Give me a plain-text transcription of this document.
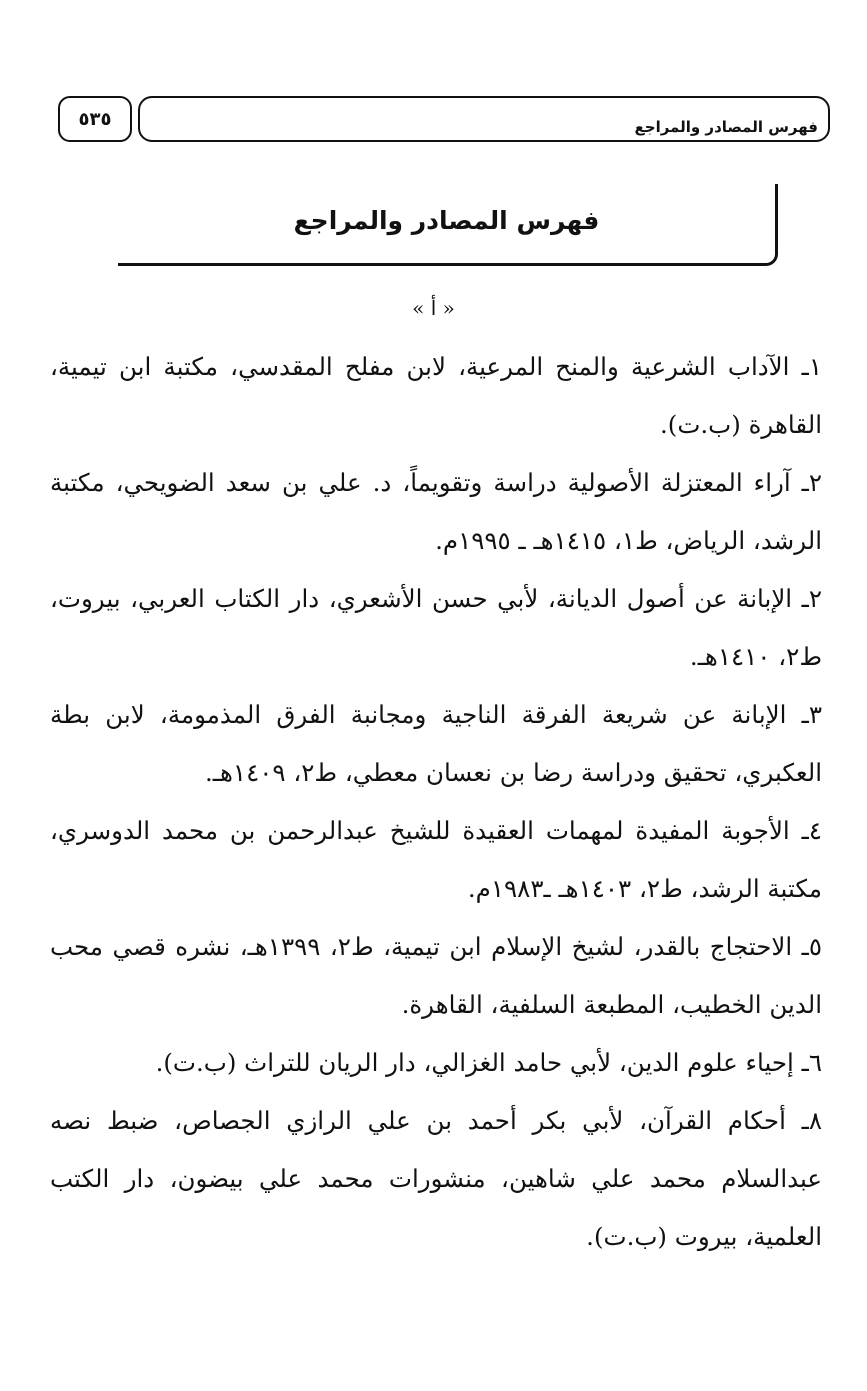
٥٣٥	فهرس المصادر والمراجع
فهرس المصادر والمراجع
« أ »
١ـ الآداب الشرعية والمنح المرعية، لابن مفلح المقدسي، مكتبة ابن تيمية، القاهرة (ب.ت).
٢ـ آراء المعتزلة الأصولية دراسة وتقويماً، د. علي بن سعد الضويحي، مكتبة الرشد، الرياض، ط١، ١٤١٥هـ ـ ١٩٩٥م.
٢ـ الإبانة عن أصول الديانة، لأبي حسن الأشعري، دار الكتاب العربي، بيروت، ط٢، ١٤١٠هـ.
٣ـ الإبانة عن شريعة الفرقة الناجية ومجانبة الفرق المذمومة، لابن بطة العكبري، تحقيق ودراسة رضا بن نعسان معطي، ط٢، ١٤٠٩هـ.
٤ـ الأجوبة المفيدة لمهمات العقيدة للشيخ عبدالرحمن بن محمد الدوسري، مكتبة الرشد، ط٢، ١٤٠٣هـ ـ١٩٨٣م.
٥ـ الاحتجاج بالقدر، لشيخ الإسلام ابن تيمية، ط٢، ١٣٩٩هـ، نشره قصي محب الدين الخطيب، المطبعة السلفية، القاهرة.
٦ـ إحياء علوم الدين، لأبي حامد الغزالي، دار الريان للتراث (ب.ت).
٨ـ أحكام القرآن، لأبي بكر أحمد بن علي الرازي الجصاص، ضبط نصه عبدالسلام محمد علي شاهين، منشورات محمد علي بيضون، دار الكتب العلمية، بيروت (ب.ت).
